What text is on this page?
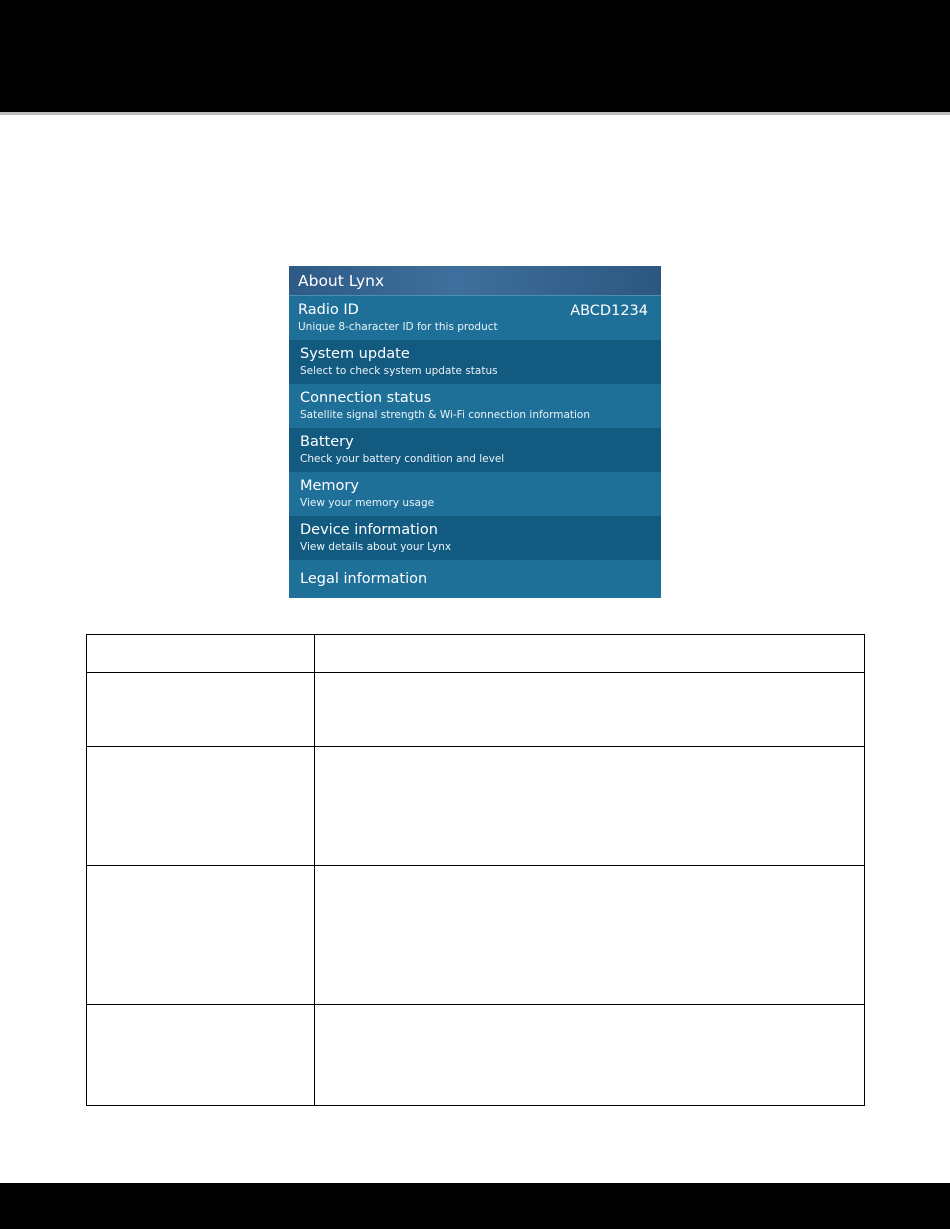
About Lynx
Radio ID
Unique 8-character ID for this product
ABCD1234
System update
Select to check system update status
Connection status
Satellite signal strength & Wi-Fi connection information
Battery
Check your battery condition and level
Memory
View your memory usage
Device information
View details about your Lynx
Legal information
